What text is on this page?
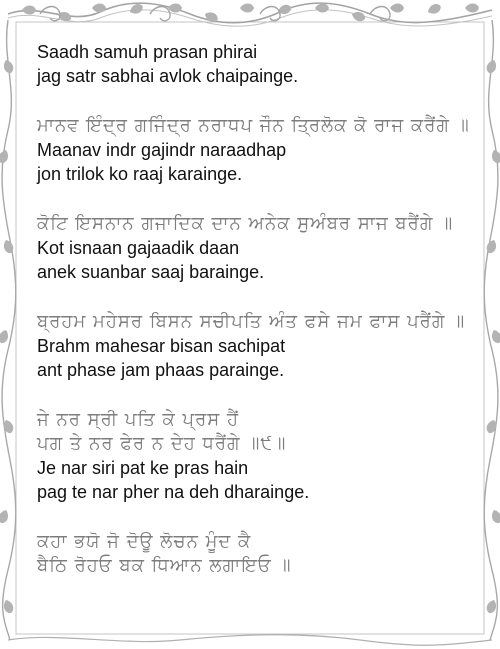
Saadh samuh prasan phirai

jag satr sabhai avlok chaipainge.

ਮਾਨਵ ਇੰਦ੍ਰ ਗਜਿੰਦ੍ਰ ਨਰਾਧਪ ਜੌਨ ਤ੍ਰਿਲੋਕ ਕੋ ਰਾਜ ਕਰੈਂਗੇ ॥

Maanav indr gajindr naraadhap

jon trilok ko raaj karainge.

ਕੋਟਿ ਇਸਨਾਨ ਗਜਾਦਿਕ ਦਾਨ ਅਨੇਕ ਸੁਅੰਬਰ ਸਾਜ ਬਰੈਂਗੇ ॥

Kot isnaan gajaadik daan

anek suanbar saaj barainge.

ਬ੍ਰਹਮ ਮਹੇਸਰ ਬਿਸਨ ਸਚੀਪਤਿ ਅੰਤ ਫਸੇ ਜਮ ਫਾਸ ਪਰੈਂਗੇ ॥

Brahm mahesar bisan sachipat

ant phase jam phaas parainge.

ਜੇ ਨਰ ਸ੍ਰੀ ਪਤਿ ਕੇ ਪ੍ਰਸ ਹੈਂ

ਪਗ ਤੇ ਨਰ ਫੇਰ ਨ ਦੇਹ ਧਰੈਂਗੇ ॥੯॥

Je nar siri pat ke pras hain

pag te nar pher na deh dharainge.

ਕਹਾ ਭਯੋ ਜੋ ਦੋਊ ਲੋਚਨ ਮੂੰਦ ਕੈ

ਬੈਠਿ ਰੋਹਓ ਬਕ ਧਿਆਨ ਲਗਾਇਓ ॥
